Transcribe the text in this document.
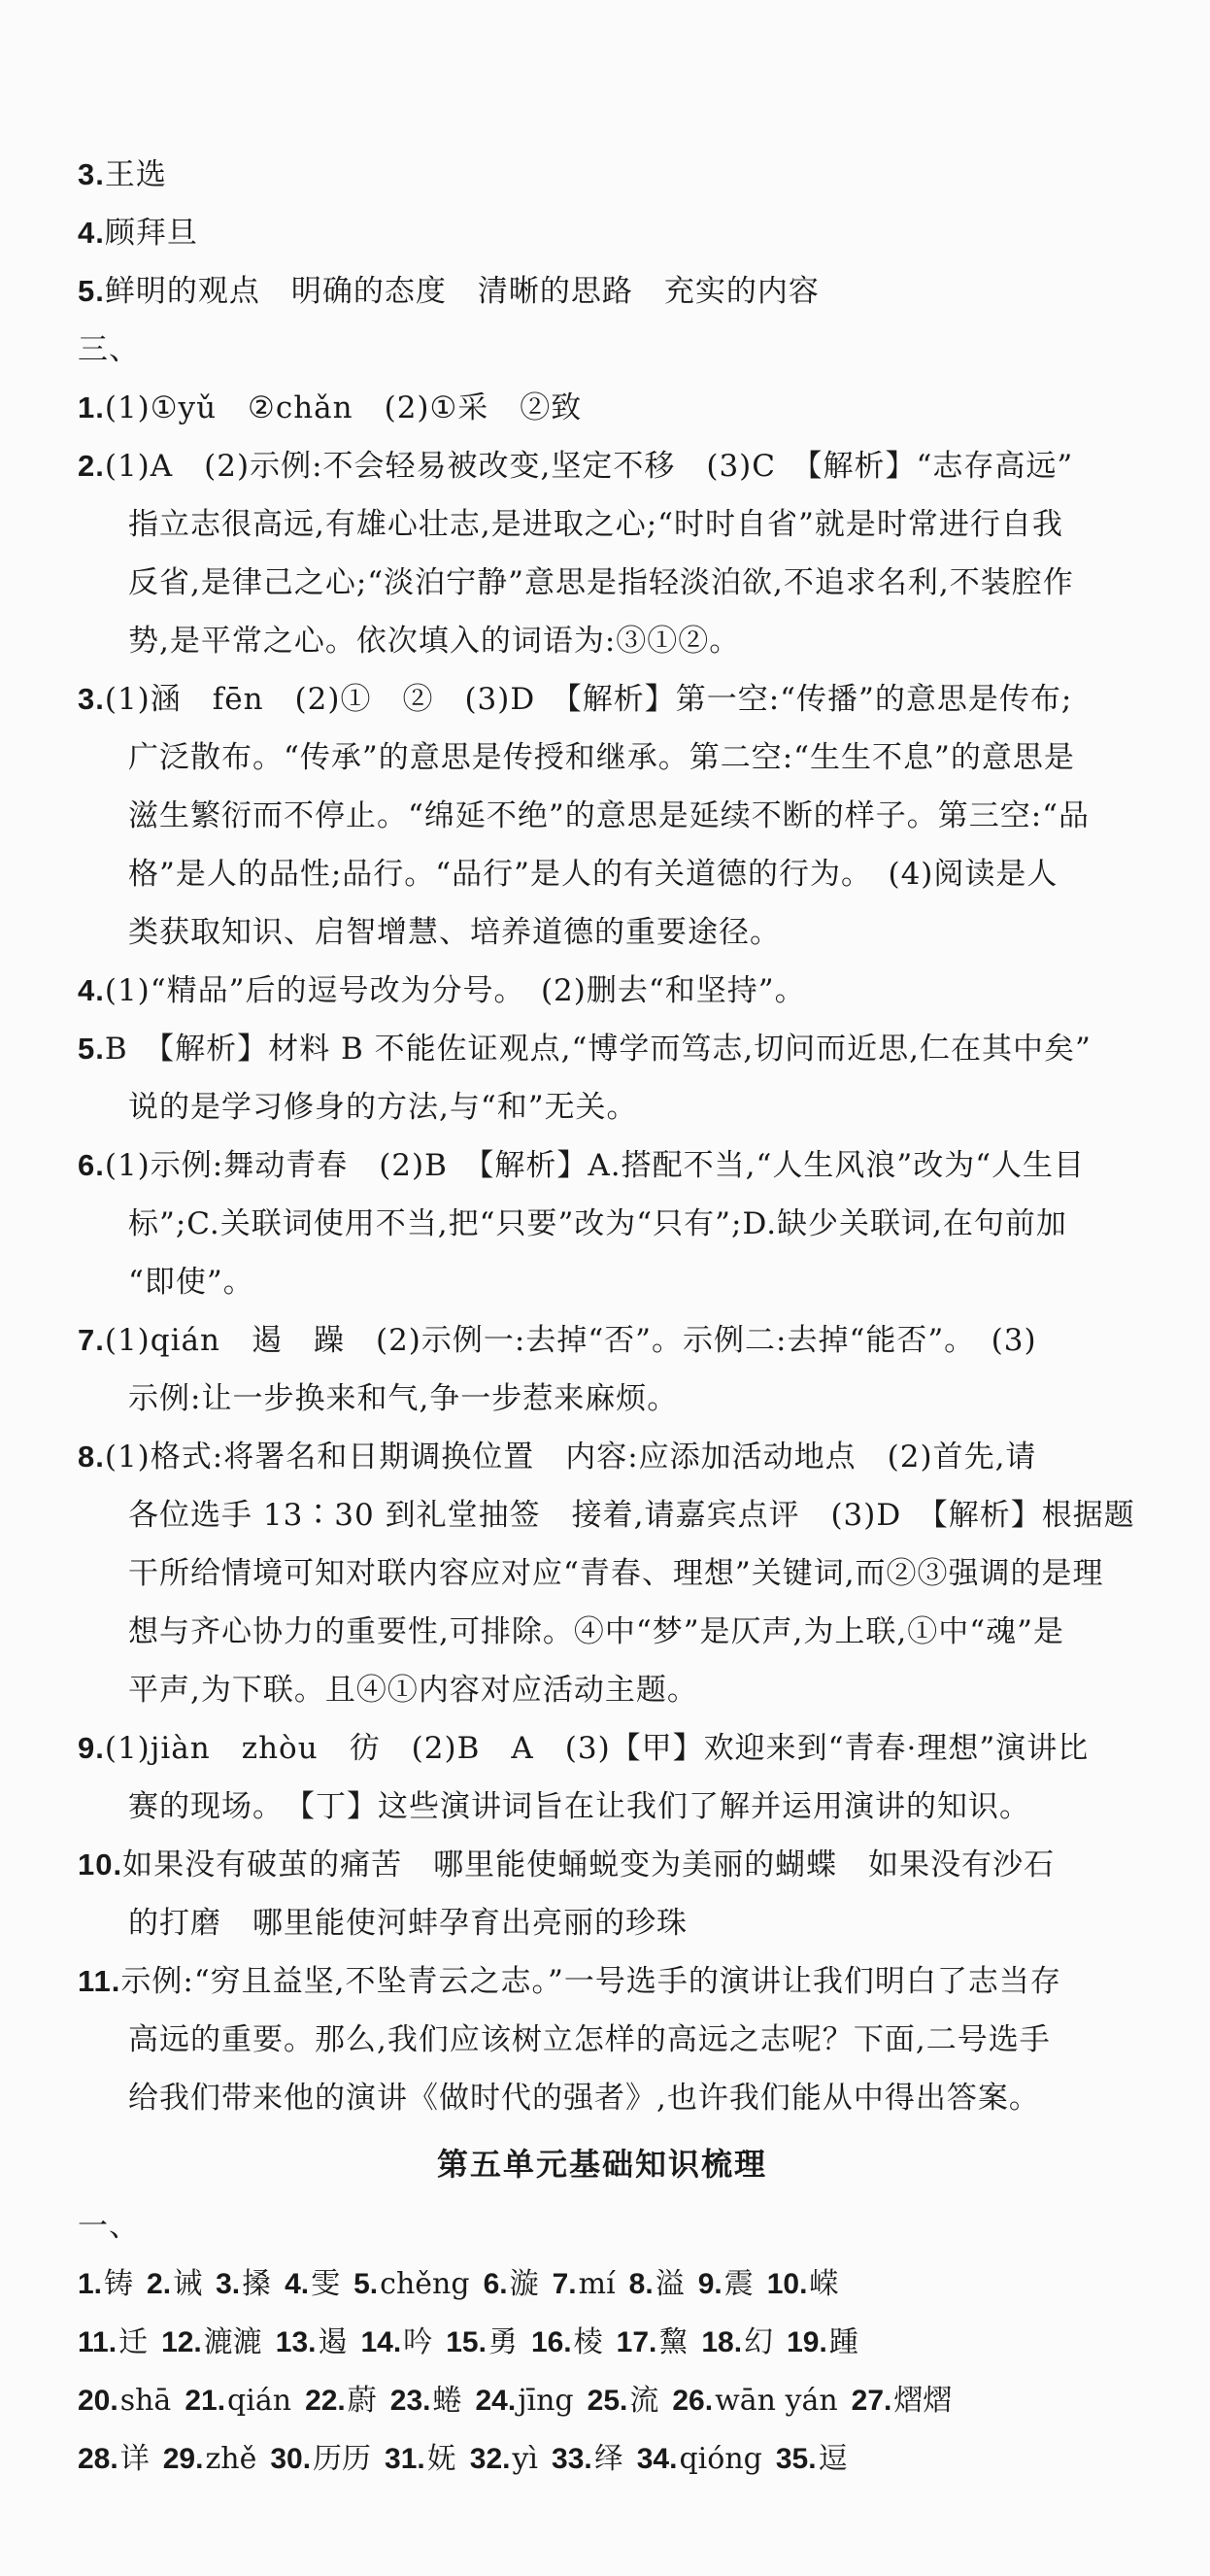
3.王选
4.顾拜旦
5.鲜明的观点　明确的态度　清晰的思路　充实的内容
三、
1.(1)①yǔ　②chǎn　(2)①采　②致
2.(1)A　(2)示例:不会轻易被改变,坚定不移　(3)C　【解析】“志存高远”
指立志很高远,有雄心壮志,是进取之心;“时时自省”就是时常进行自我
反省,是律己之心;“淡泊宁静”意思是指轻淡泊欲,不追求名利,不装腔作
势,是平常之心。依次填入的词语为:③①②。
3.(1)涵　fēn　(2)①　②　(3)D　【解析】第一空:“传播”的意思是传布;
广泛散布。“传承”的意思是传授和继承。第二空:“生生不息”的意思是
滋生繁衍而不停止。“绵延不绝”的意思是延续不断的样子。第三空:“品
格”是人的品性;品行。“品行”是人的有关道德的行为。　(4)阅读是人
类获取知识、启智增慧、培养道德的重要途径。
4.(1)“精品”后的逗号改为分号。　(2)删去“和坚持”。
5.B　【解析】材料 B 不能佐证观点,“博学而笃志,切问而近思,仁在其中矣”
说的是学习修身的方法,与“和”无关。
6.(1)示例:舞动青春　(2)B　【解析】A.搭配不当,“人生风浪”改为“人生目
标”;C.关联词使用不当,把“只要”改为“只有”;D.缺少关联词,在句前加
“即使”。
7.(1)qián　遏　躁　(2)示例一:去掉“否”。示例二:去掉“能否”。　(3)
示例:让一步换来和气,争一步惹来麻烦。
8.(1)格式:将署名和日期调换位置　内容:应添加活动地点　(2)首先,请
各位选手 13∶30 到礼堂抽签　接着,请嘉宾点评　(3)D　【解析】根据题
干所给情境可知对联内容应对应“青春、理想”关键词,而②③强调的是理
想与齐心协力的重要性,可排除。④中“梦”是仄声,为上联,①中“魂”是
平声,为下联。且④①内容对应活动主题。
9.(1)jiàn　zhòu　彷　(2)B　A　(3)【甲】欢迎来到“青春·理想”演讲比
赛的现场。　【丁】这些演讲词旨在让我们了解并运用演讲的知识。
10.如果没有破茧的痛苦　哪里能使蛹蜕变为美丽的蝴蝶　如果没有沙石
的打磨　哪里能使河蚌孕育出亮丽的珍珠
11.示例:“穷且益坚,不坠青云之志。”一号选手的演讲让我们明白了志当存
高远的重要。那么,我们应该树立怎样的高远之志呢？下面,二号选手
给我们带来他的演讲《做时代的强者》,也许我们能从中得出答案。
第五单元基础知识梳理
一、
1.铸 2.诫 3.搡 4.雯 5.chěng 6.漩 7.mí 8.溢 9.震 10.嵘
11.迁 12.漉漉 13.遏 14.吟 15.勇 16.棱 17.黧 18.幻 19.踵
20.shā 21.qián 22.蔚 23.蜷 24.jīng 25.流 26.wān yán 27.熠熠
28.详 29.zhě 30.历历 31.妩 32.yì 33.绎 34.qióng 35.逗
